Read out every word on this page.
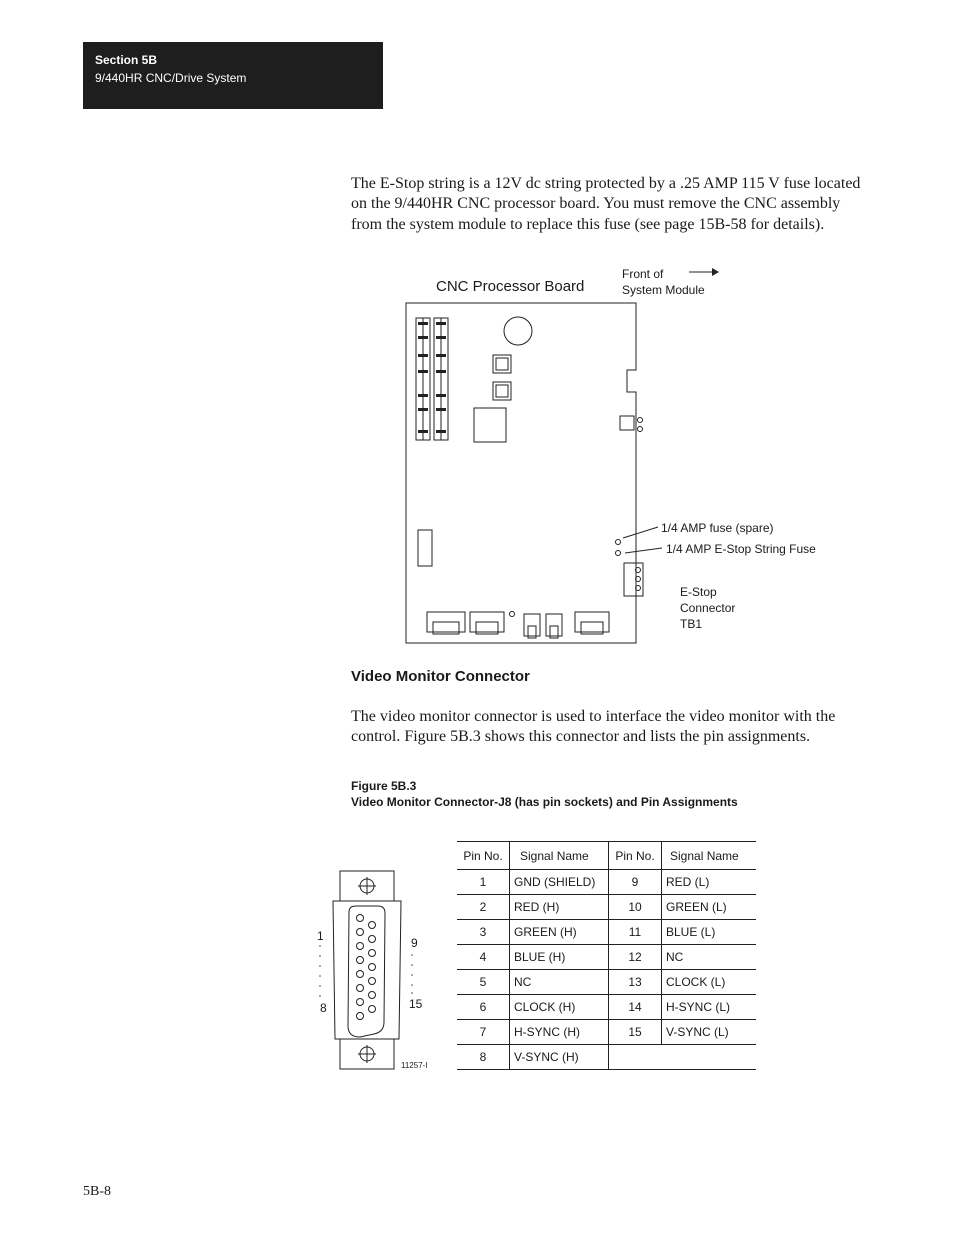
Section 5B
9/440HR CNC/Drive System

The E-Stop string is a 12V dc string protected by a .25 AMP 115 V fuse located on the 9/440HR CNC processor board. You must remove the CNC assembly from the system module to replace this fuse (see page 15B-58 for details).

CNC Processor Board
Front of
System Module
1/4 AMP fuse (spare)
1/4 AMP E-Stop String Fuse
E-Stop
Connector
TB1
Video Monitor Connector

The video monitor connector is used to interface the video monitor with the control. Figure 5B.3 shows this connector and lists the pin assignments.

Figure 5B.3
Video Monitor Connector-J8 (has pin sockets) and Pin Assignments
1
8
9
15
11257-I
Pin No.	Signal Name	Pin No.	Signal Name
1	GND (SHIELD)	9	RED (L)
2	RED (H)	10	GREEN (L)
3	GREEN (H)	11	BLUE (L)
4	BLUE (H)	12	NC
5	NC	13	CLOCK (L)
6	CLOCK (H)	14	H-SYNC (L)
7	H-SYNC (H)	15	V-SYNC (L)
8	V-SYNC (H)		
5B-8
